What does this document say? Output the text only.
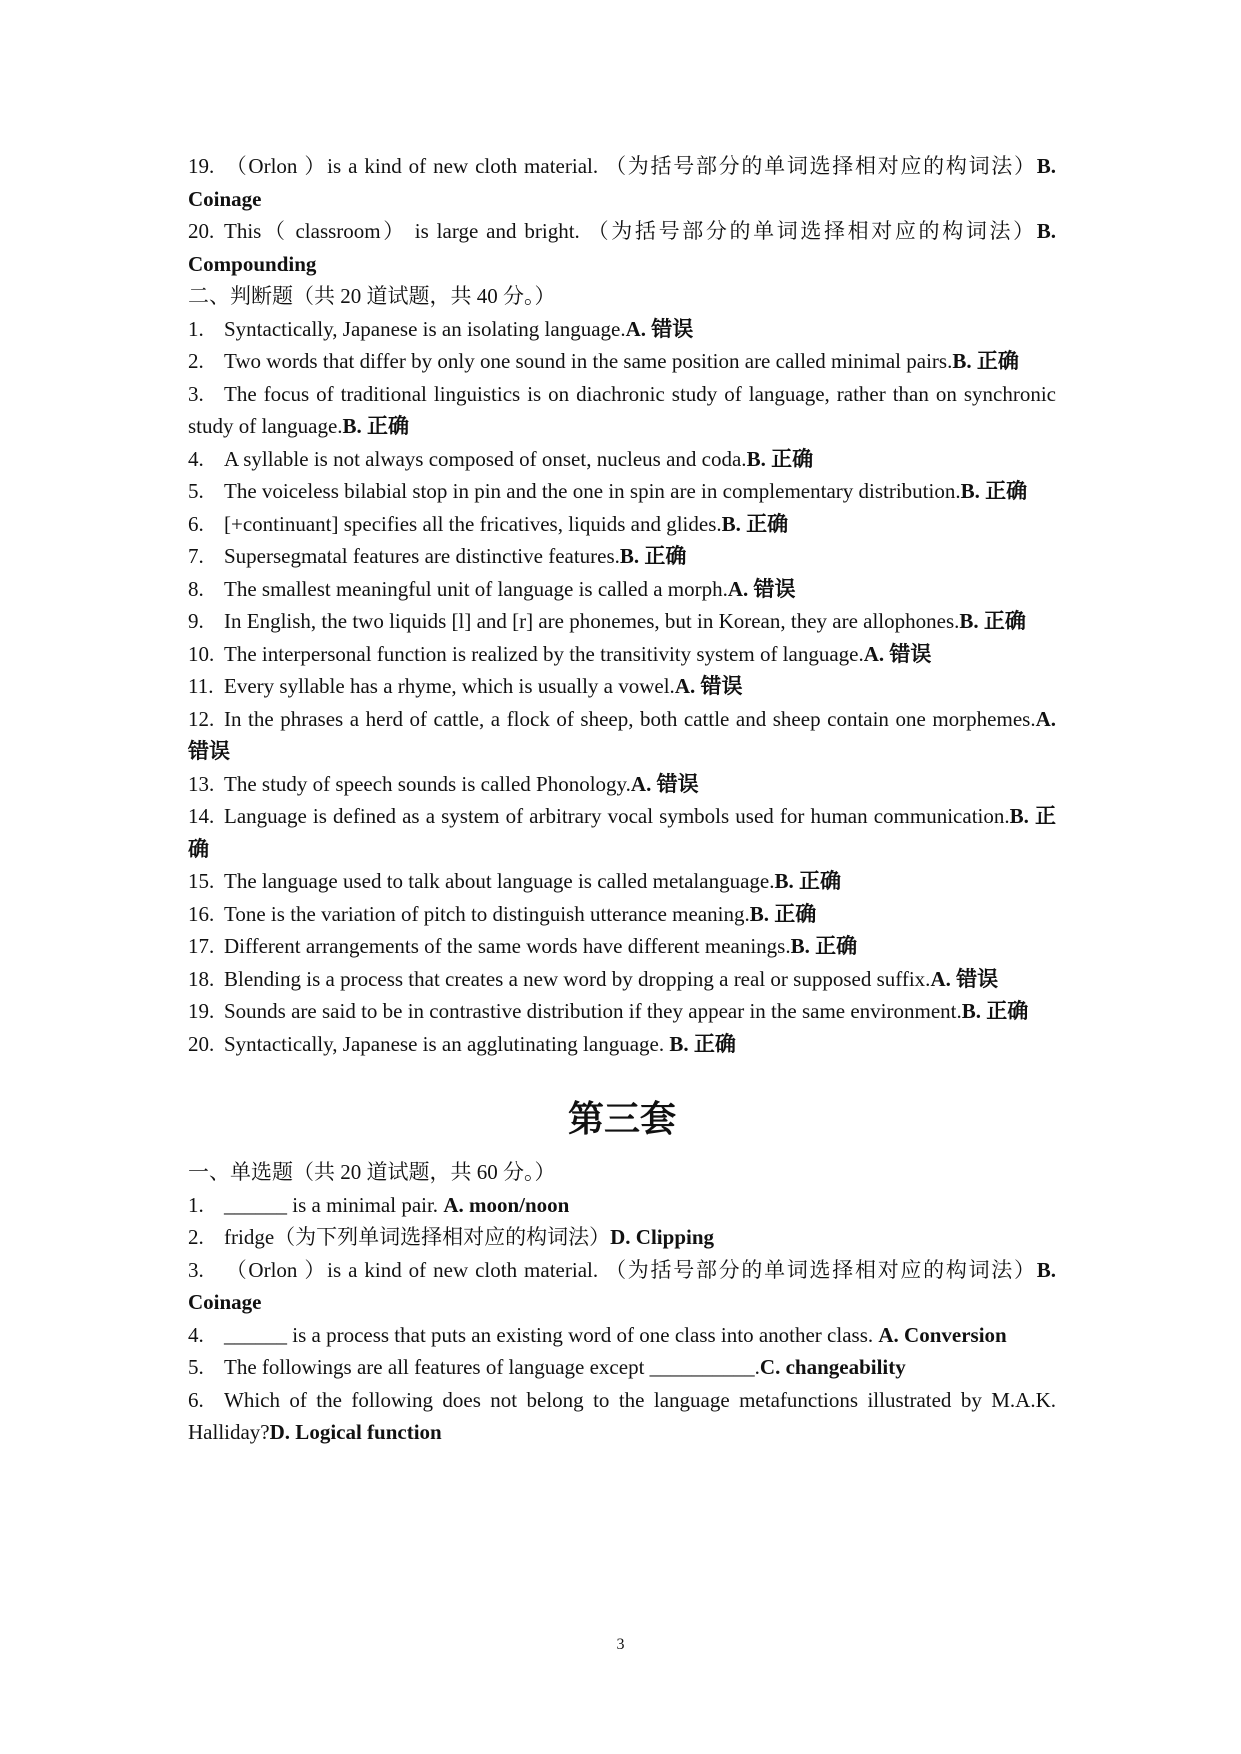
19. （Orlon ）is a kind of new cloth material. （为括号部分的单词选择相对应的构词法）B. Coinage

20. This（ classroom） is large and bright. （为括号部分的单词选择相对应的构词法）B. Compounding

二、判断题（共 20 道试题，共 40 分。）

1. Syntactically, Japanese is an isolating language.A. 错误

2. Two words that differ by only one sound in the same position are called minimal pairs.B. 正确

3. The focus of traditional linguistics is on diachronic study of language, rather than on synchronic study of language.B. 正确

4. A syllable is not always composed of onset, nucleus and coda.B. 正确

5. The voiceless bilabial stop in pin and the one in spin are in complementary distribution.B. 正确

6. [+continuant] specifies all the fricatives, liquids and glides.B. 正确

7. Supersegmatal features are distinctive features.B. 正确

8. The smallest meaningful unit of language is called a morph.A. 错误

9. In English, the two liquids [l] and [r] are phonemes, but in Korean, they are allophones.B. 正确

10. The interpersonal function is realized by the transitivity system of language.A. 错误

11. Every syllable has a rhyme, which is usually a vowel.A. 错误

12. In the phrases a herd of cattle, a flock of sheep, both cattle and sheep contain one morphemes.A. 错误

13. The study of speech sounds is called Phonology.A. 错误

14. Language is defined as a system of arbitrary vocal symbols used for human communication.B. 正确

15. The language used to talk about language is called metalanguage.B. 正确

16. Tone is the variation of pitch to distinguish utterance meaning.B. 正确

17. Different arrangements of the same words have different meanings.B. 正确

18. Blending is a process that creates a new word by dropping a real or supposed suffix.A. 错误

19. Sounds are said to be in contrastive distribution if they appear in the same environment.B. 正确

20. Syntactically, Japanese is an agglutinating language. B. 正确

第三套

一、单选题（共 20 道试题，共 60 分。）

1. ______ is a minimal pair. A. moon/noon

2. fridge（为下列单词选择相对应的构词法）D. Clipping

3. （Orlon ）is a kind of new cloth material. （为括号部分的单词选择相对应的构词法）B. Coinage

4. ______ is a process that puts an existing word of one class into another class. A. Conversion

5. The followings are all features of language except __________.C. changeability

6. Which of the following does not belong to the language metafunctions illustrated by M.A.K. Halliday?D. Logical function

3
